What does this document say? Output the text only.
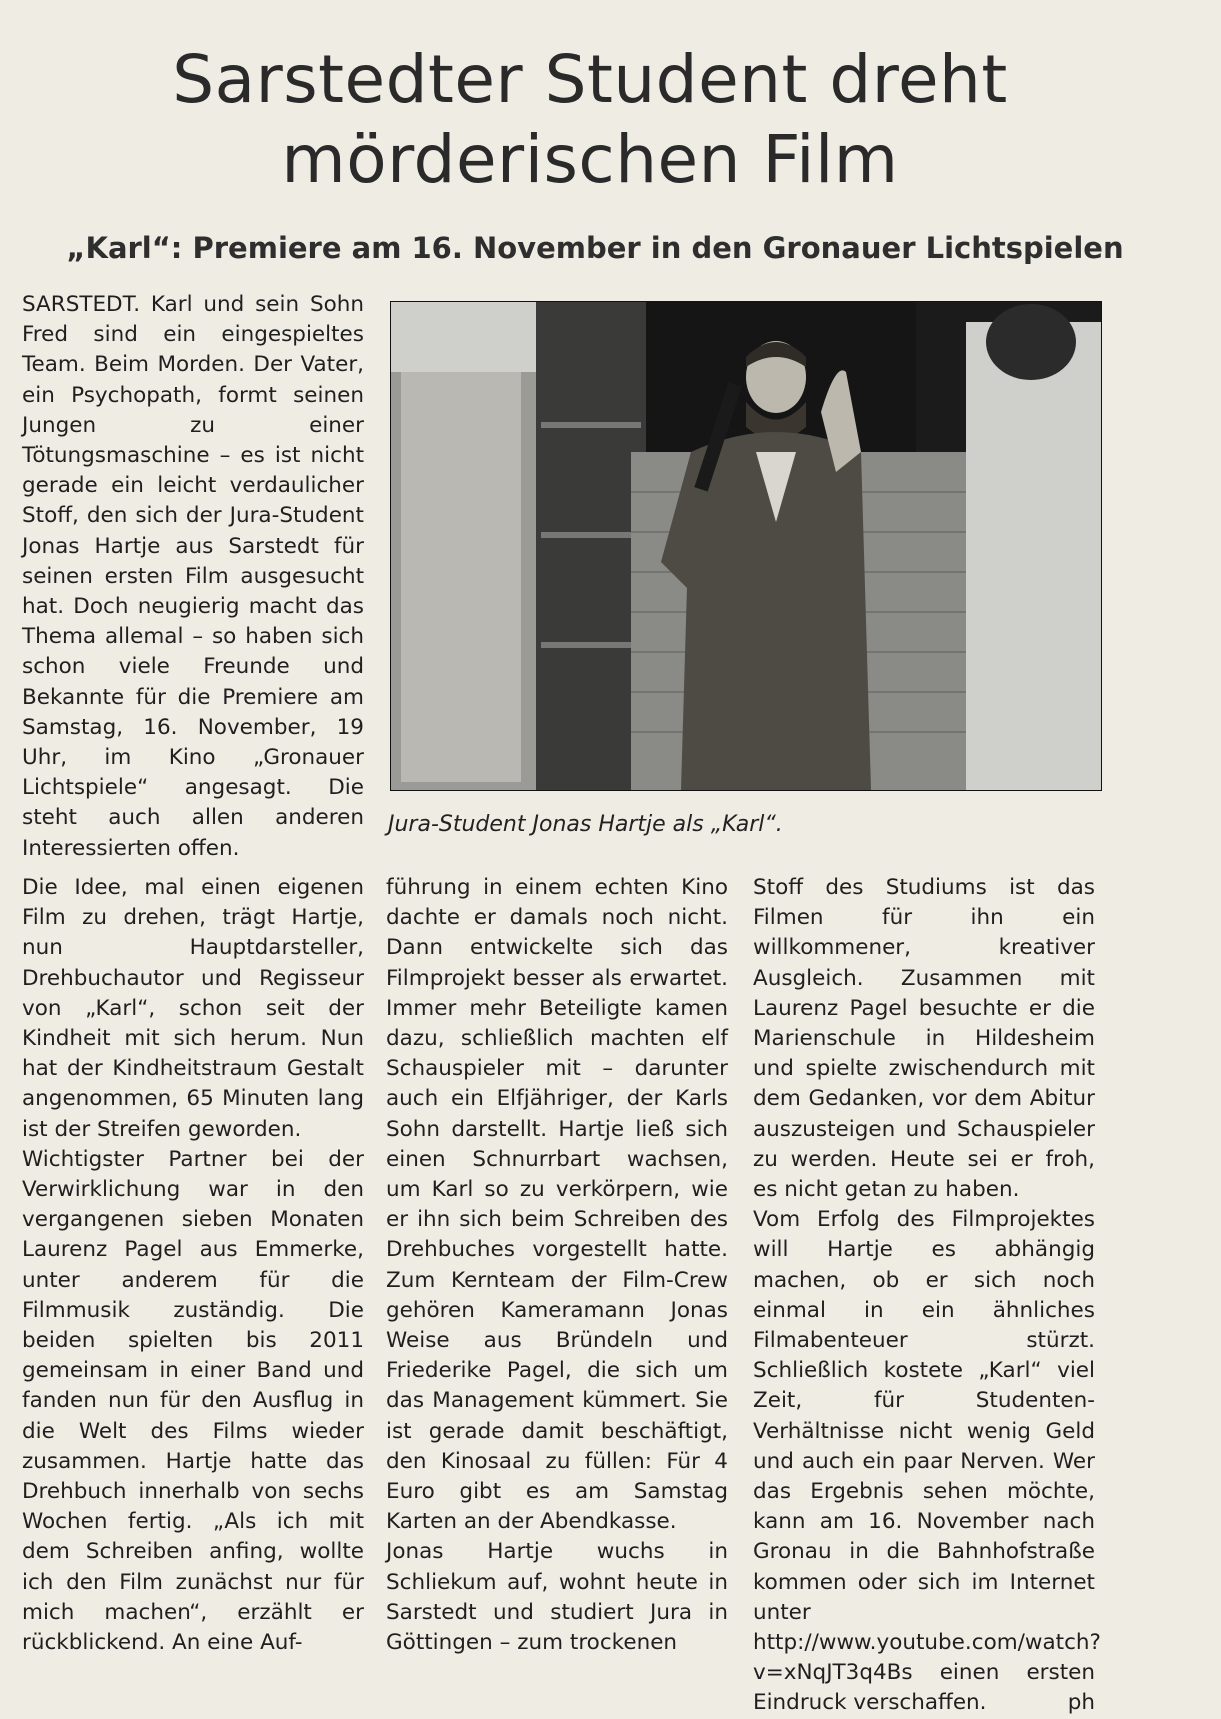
Sarstedter Student dreht
mörderischen Film
„Karl“: Premiere am 16. November in den Gronauer Lichtspielen

SARSTEDT. Karl und sein Sohn Fred sind ein eingespieltes Team. Beim Morden. Der Vater, ein Psychopath, formt seinen Jungen zu einer Tötungsmaschine – es ist nicht gerade ein leicht verdaulicher Stoff, den sich der Jura-Student Jonas Hartje aus Sarstedt für seinen ersten Film ausgesucht hat. Doch neugierig macht das Thema allemal – so haben sich schon viele Freunde und Bekannte für die Premiere am Samstag, 16. November, 19 Uhr, im Kino „Gronauer Lichtspiele“ angesagt. Die steht auch allen anderen Interessierten offen.

Jura-Student Jonas Hartje als „Karl“.

Die Idee, mal einen eigenen Film zu drehen, trägt Hartje, nun Hauptdarsteller, Drehbuchautor und Regisseur von „Karl“, schon seit der Kindheit mit sich herum. Nun hat der Kindheitstraum Gestalt angenommen, 65 Minuten lang ist der Streifen geworden.

Wichtigster Partner bei der Verwirklichung war in den vergangenen sieben Monaten Laurenz Pagel aus Emmerke, unter anderem für die Filmmusik zuständig. Die beiden spielten bis 2011 gemeinsam in einer Band und fanden nun für den Ausflug in die Welt des Films wieder zusammen. Hartje hatte das Drehbuch innerhalb von sechs Wochen fertig. „Als ich mit dem Schreiben anfing, wollte ich den Film zunächst nur für mich machen“, erzählt er rückblickend. An eine Auf-

führung in einem echten Kino dachte er damals noch nicht. Dann entwickelte sich das Filmprojekt besser als erwartet. Immer mehr Beteiligte kamen dazu, schließlich machten elf Schauspieler mit – darunter auch ein Elfjähriger, der Karls Sohn darstellt. Hartje ließ sich einen Schnurrbart wachsen, um Karl so zu verkörpern, wie er ihn sich beim Schreiben des Drehbuches vorgestellt hatte. Zum Kernteam der Film-Crew gehören Kameramann Jonas Weise aus Bründeln und Friederike Pagel, die sich um das Management kümmert. Sie ist gerade damit beschäftigt, den Kinosaal zu füllen: Für 4 Euro gibt es am Samstag Karten an der Abendkasse.

Jonas Hartje wuchs in Schliekum auf, wohnt heute in Sarstedt und studiert Jura in Göttingen – zum trockenen

Stoff des Studiums ist das Filmen für ihn ein willkommener, kreativer Ausgleich. Zusammen mit Laurenz Pagel besuchte er die Marienschule in Hildesheim und spielte zwischendurch mit dem Gedanken, vor dem Abitur auszusteigen und Schauspieler zu werden. Heute sei er froh, es nicht getan zu haben.

Vom Erfolg des Filmprojektes will Hartje es abhängig machen, ob er sich noch einmal in ein ähnliches Filmabenteuer stürzt. Schließlich kostete „Karl“ viel Zeit, für Studenten-Verhältnisse nicht wenig Geld und auch ein paar Nerven. Wer das Ergebnis sehen möchte, kann am 16. November nach Gronau in die Bahnhofstraße kommen oder sich im Internet unter http://www.youtube.com/watch?v=xNqJT3q4Bs einen ersten Eindruck verschaffen.	ph
